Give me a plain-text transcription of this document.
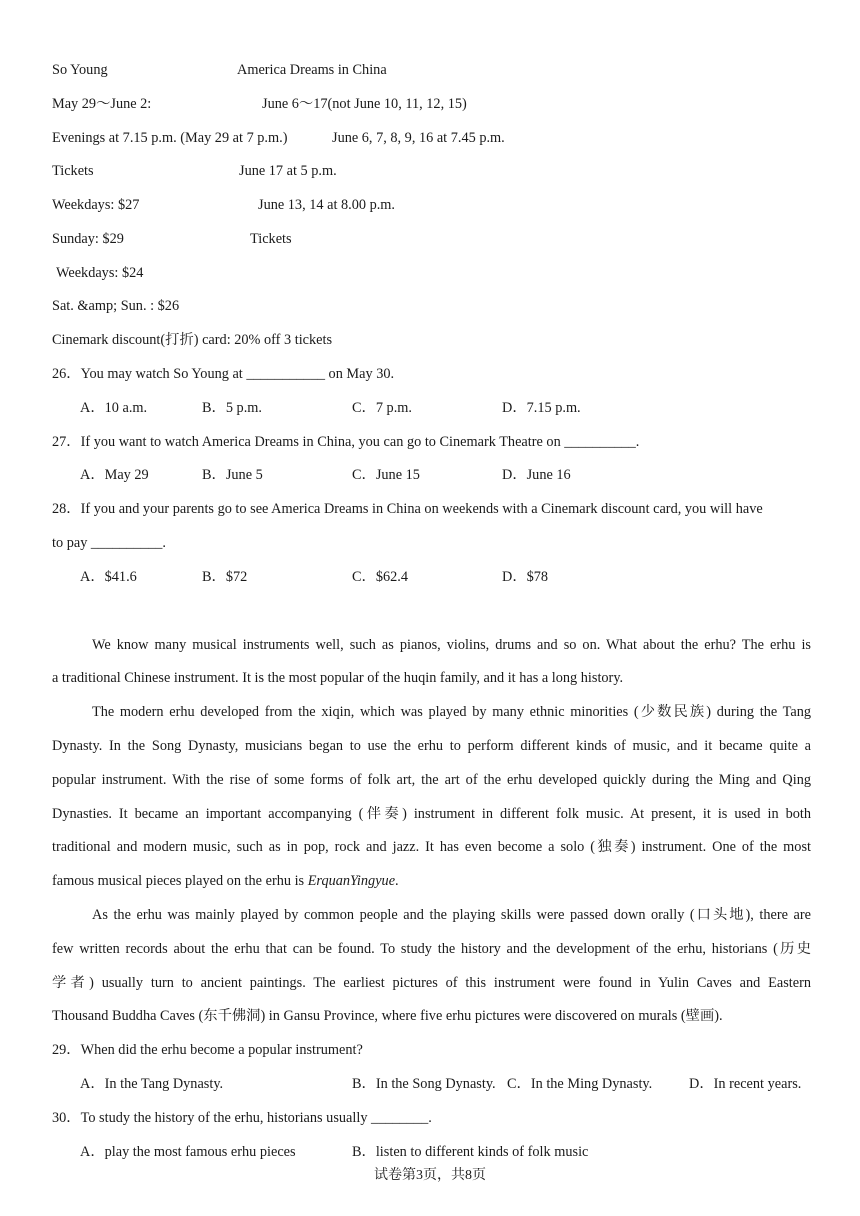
So Young	America Dreams in China
May 29～June 2:	June 6～17(not June 10, 11, 12, 15)
Evenings at 7.15 p.m. (May 29 at 7 p.m.)	June 6, 7, 8, 9, 16 at 7.45 p.m.
Tickets	June 17 at 5 p.m.
Weekdays: $27	June 13, 14 at 8.00 p.m.
Sunday: $29	Tickets
Weekdays: $24
Sat. &amp; Sun. : $26
Cinemark discount(打折) card: 20% off 3 tickets
26．You may watch So Young at ___________ on May 30.
A．10 a.m.	B．5 p.m.	C．7 p.m.	D．7.15 p.m.
27．If you want to watch America Dreams in China, you can go to Cinemark Theatre on __________.
A．May 29	B．June 5	C．June 15	D．June 16
28．If you and your parents go to see America Dreams in China on weekends with a Cinemark discount card, you will have
to pay __________.
A．$41.6	B．$72	C．$62.4	D．$78
We know many musical instruments well, such as pianos, violins, drums and so on. What about the erhu? The erhu is
a traditional Chinese instrument. It is the most popular of the huqin family, and it has a long history.
The modern erhu developed from the xiqin, which was played by many ethnic minorities (少数民族) during the Tang
Dynasty. In the Song Dynasty, musicians began to use the erhu to perform different kinds of music, and it became quite a
popular instrument. With the rise of some forms of folk art, the art of the erhu developed quickly during the Ming and Qing
Dynasties. It became an important accompanying (伴奏) instrument in different folk music. At present, it is used in both
traditional and modern music, such as in pop, rock and jazz. It has even become a solo (独奏) instrument. One of the most
famous musical pieces played on the erhu is ErquanYingyue.
As the erhu was mainly played by common people and the playing skills were passed down orally (口头地), there are
few written records about the erhu that can be found. To study the history and the development of the erhu, historians (历史
学者) usually turn to ancient paintings. The earliest pictures of this instrument were found in Yulin Caves and Eastern
Thousand Buddha Caves (东千佛洞) in Gansu Province, where five erhu pictures were discovered on murals (壁画).
29．When did the erhu become a popular instrument?
A．In the Tang Dynasty.	B．In the Song Dynasty. C．In the Ming Dynasty.	D．In recent years.
30．To study the history of the erhu, historians usually ________.
A．play the most famous erhu pieces	B．listen to different kinds of folk music
试卷第3页，共8页
